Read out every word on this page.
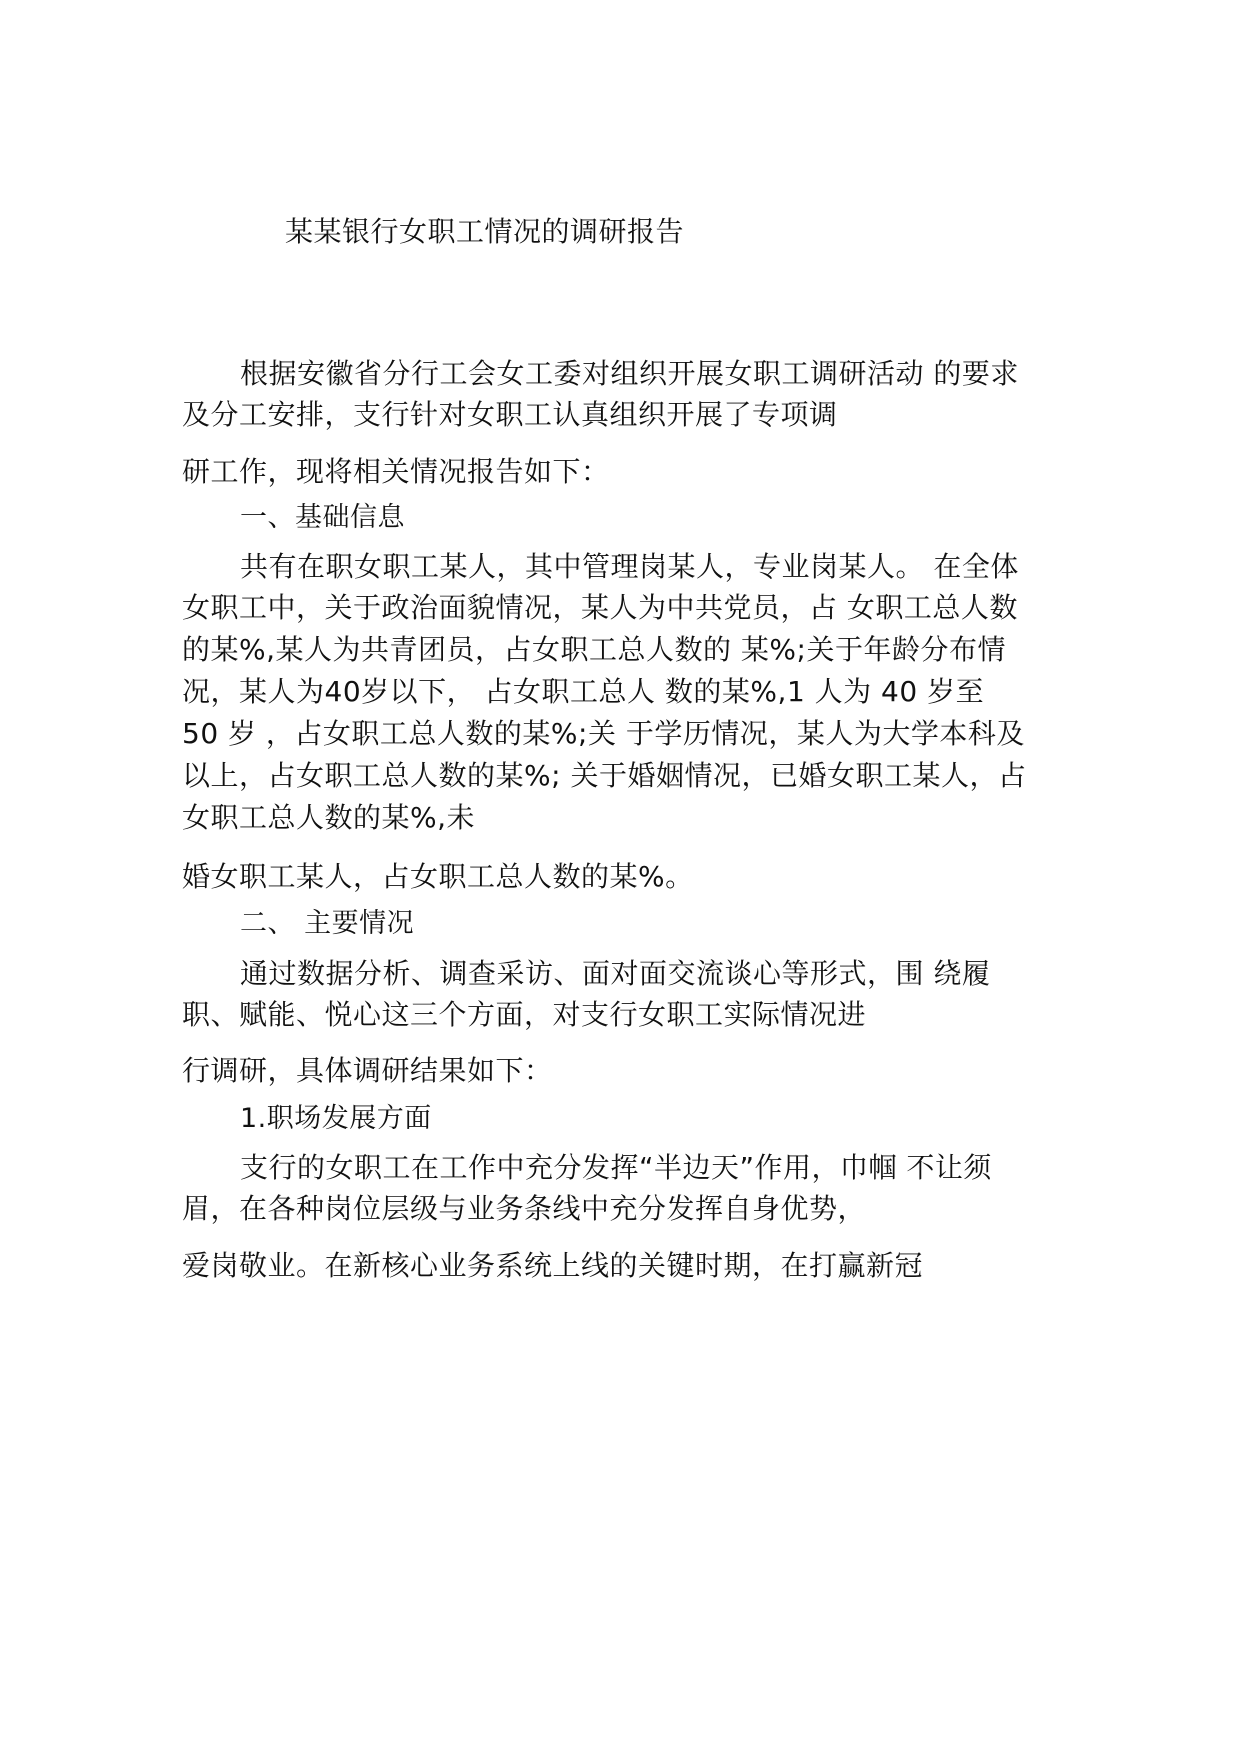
某某银行女职工情况的调研报告
根据安徽省分行工会女工委对组织开展女职工调研活动 的要求
及分工安排，支行针对女职工认真组织开展了专项调
研工作，现将相关情况报告如下：
一、基础信息
共有在职女职工某人，其中管理岗某人，专业岗某人。 在全体
女职工中，关于政治面貌情况，某人为中共党员，占 女职工总人数
的某%,某人为共青团员，占女职工总人数的 某%;关于年龄分布情
况，某人为40岁以下， 占女职工总人 数的某%,1 人为 40 岁至
50 岁 ，占女职工总人数的某%;关 于学历情况，某人为大学本科及
以上，占女职工总人数的某%; 关于婚姻情况，已婚女职工某人，占
女职工总人数的某%,未
婚女职工某人，占女职工总人数的某%。
二、 主要情况
通过数据分析、调查采访、面对面交流谈心等形式，围 绕履
职、赋能、悦心这三个方面，对支行女职工实际情况进
行调研，具体调研结果如下：
1.职场发展方面
支行的女职工在工作中充分发挥“半边天”作用，巾帼 不让须
眉，在各种岗位层级与业务条线中充分发挥自身优势，
爱岗敬业。在新核心业务系统上线的关键时期，在打赢新冠
